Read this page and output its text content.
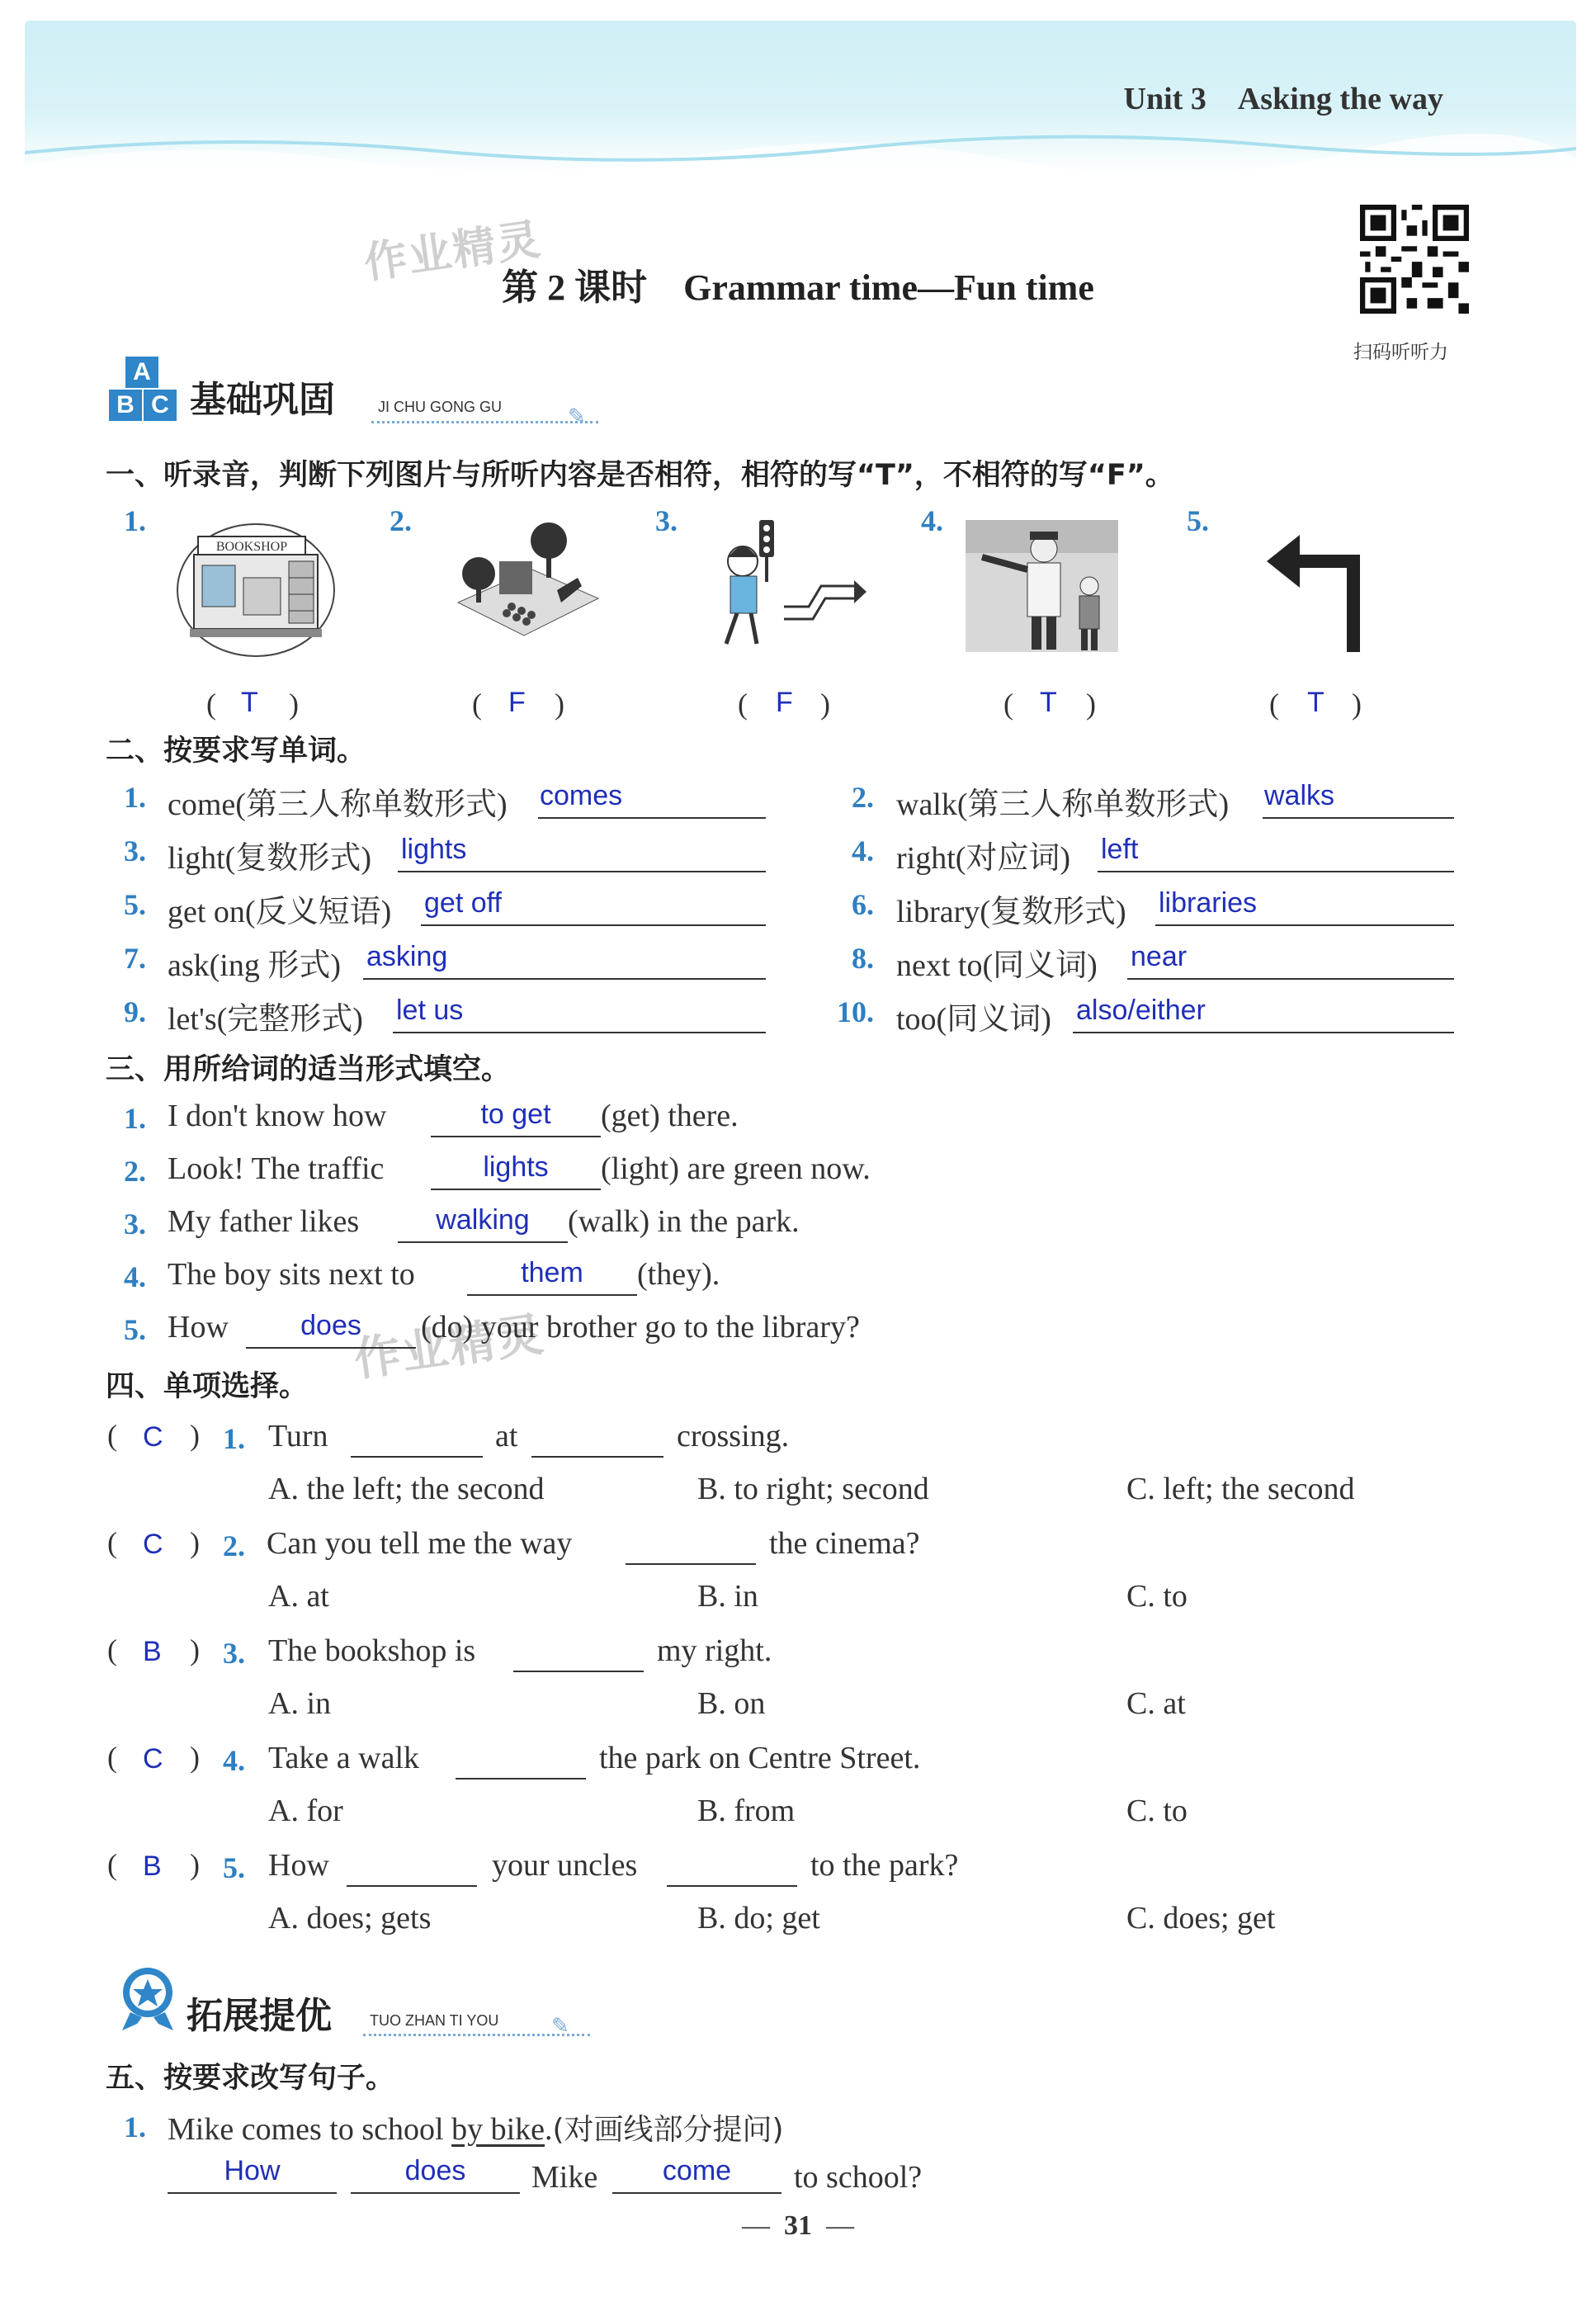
Unit 3　Asking the way
作业精灵
作业精灵
第 2 课时　Grammar time—Fun time
扫码听听力
A
B C 基础巩固	JI CHU GONG GU	✎
一、听录音，判断下列图片与所听内容是否相符，相符的写“T”，不相符的写“F”。
1.	2.	3.	4.	5.
BOOKSHOP
( T )	( F )	( F )	( T )	( T )
二、按要求写单词。
1. come(第三人称单数形式) comes	2. walk(第三人称单数形式) walks
3. light(复数形式) lights	4. right(对应词) left
5. get on(反义短语) get off	6. library(复数形式) libraries
7. ask(ing 形式) asking	8. next to(同义词) near
9. let's(完整形式) let us	10. too(同义词) also/either
三、用所给词的适当形式填空。
1. I don't know how	to get	(get) there.
2. Look! The traffic	lights	(light) are green now.
3. My father likes	walking	(walk) in the park.
4. The boy sits next to	them	(they).
5. How	does	(do) your brother go to the library?
四、单项选择。
( C ) 1. Turn	at	crossing.
A. the left; the second	B. to right; second	C. left; the second
( C ) 2. Can you tell me the way	the cinema?
A. at	B. in	C. to
( B ) 3. The bookshop is	my right.
A. in	B. on	C. at
( C ) 4. Take a walk	the park on Centre Street.
A. for	B. from	C. to
( B ) 5. How	your uncles	to the park?
A. does; gets	B. do; get	C. does; get
拓展提优	TUO ZHAN TI YOU ✎
五、按要求改写句子。
1. Mike comes to school by bike.(对画线部分提问)
How	does	Mike	come	to school?
—  31  —
